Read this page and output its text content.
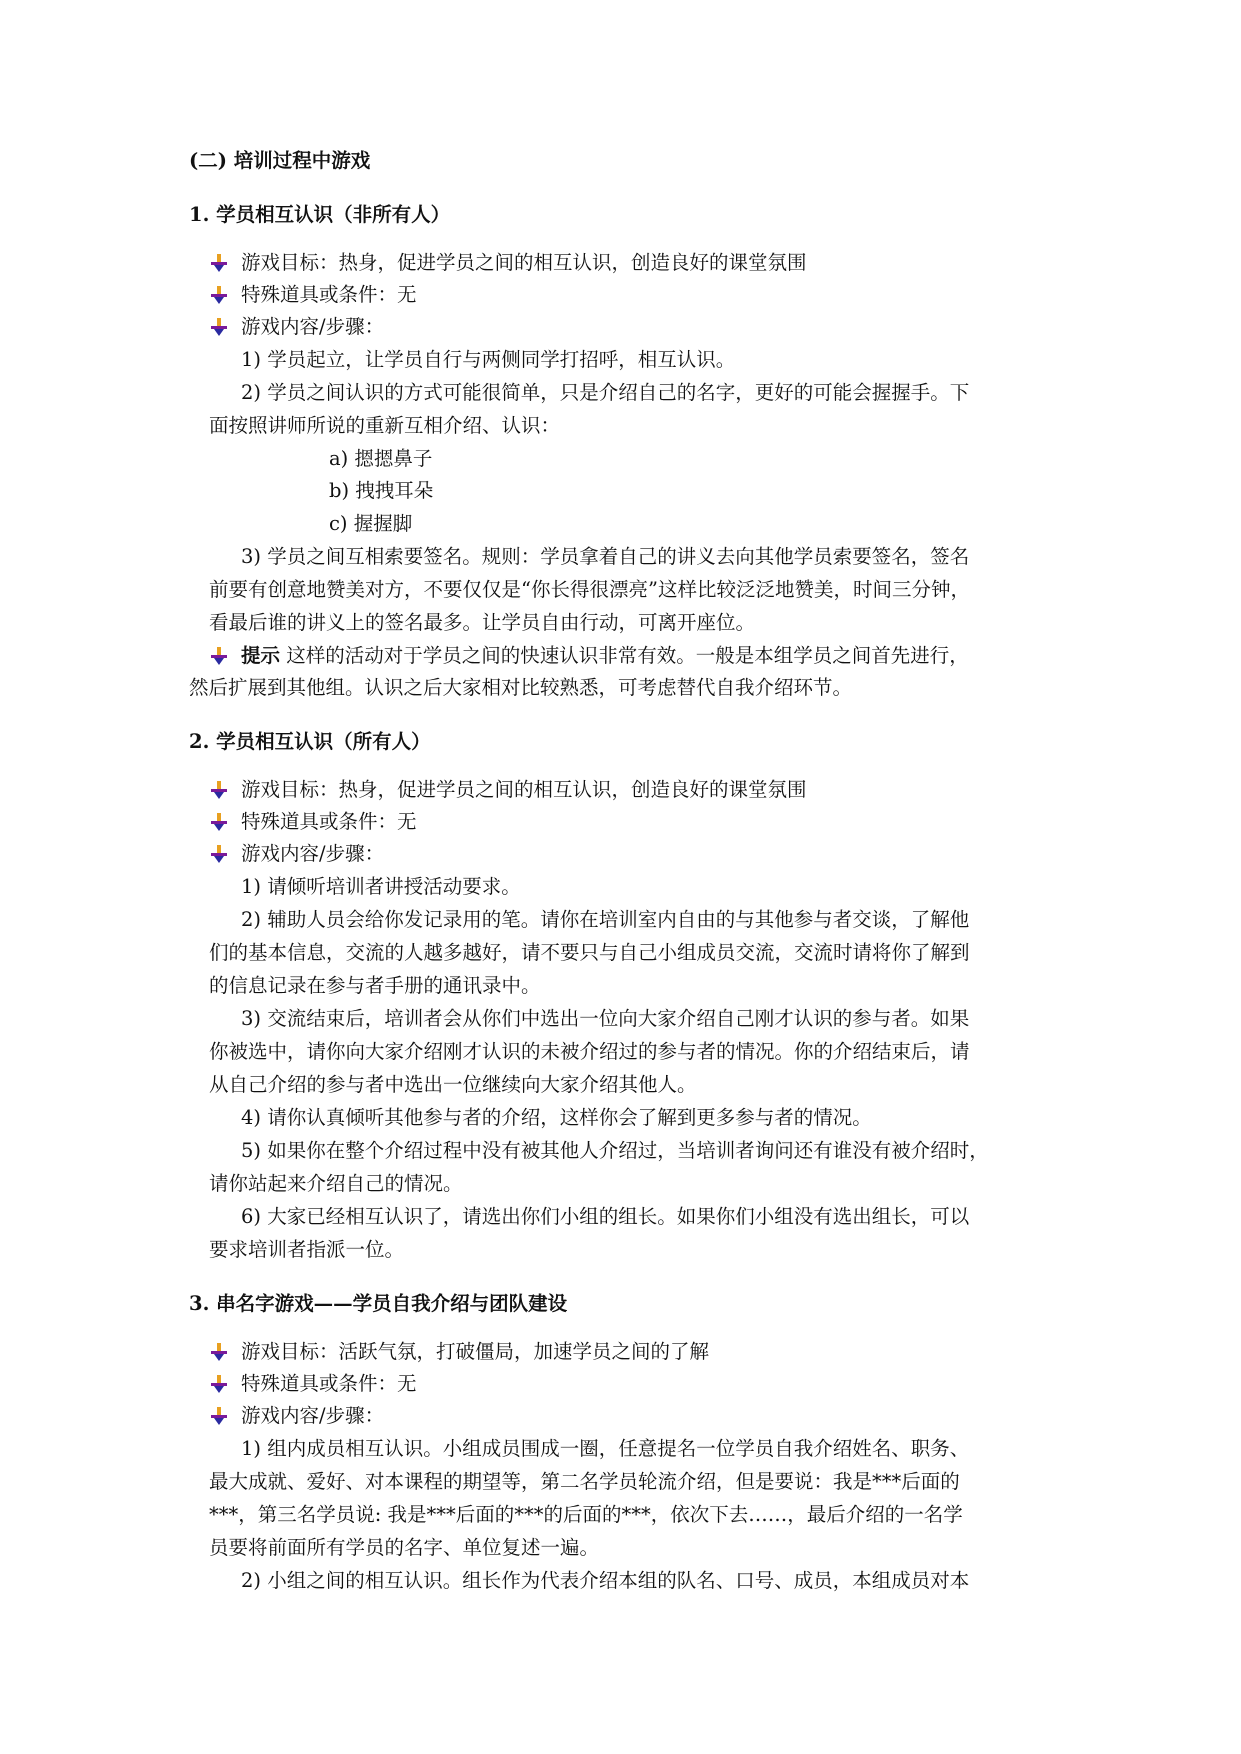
(二) 培训过程中游戏
1. 学员相互认识（非所有人）
游戏目标：热身，促进学员之间的相互认识，创造良好的课堂氛围
特殊道具或条件：无
游戏内容/步骤：
1) 学员起立，让学员自行与两侧同学打招呼，相互认识。
2) 学员之间认识的方式可能很简单，只是介绍自己的名字，更好的可能会握握手。下
面按照讲师所说的重新互相介绍、认识：
a) 摁摁鼻子
b) 拽拽耳朵
c) 握握脚
3) 学员之间互相索要签名。规则：学员拿着自己的讲义去向其他学员索要签名，签名
前要有创意地赞美对方，不要仅仅是“你长得很漂亮”这样比较泛泛地赞美，时间三分钟，
看最后谁的讲义上的签名最多。让学员自由行动，可离开座位。
提示 这样的活动对于学员之间的快速认识非常有效。一般是本组学员之间首先进行，
然后扩展到其他组。认识之后大家相对比较熟悉，可考虑替代自我介绍环节。
2. 学员相互认识（所有人）
游戏目标：热身，促进学员之间的相互认识，创造良好的课堂氛围
特殊道具或条件：无
游戏内容/步骤：
1) 请倾听培训者讲授活动要求。
2) 辅助人员会给你发记录用的笔。请你在培训室内自由的与其他参与者交谈，了解他
们的基本信息，交流的人越多越好，请不要只与自己小组成员交流，交流时请将你了解到
的信息记录在参与者手册的通讯录中。
3) 交流结束后，培训者会从你们中选出一位向大家介绍自己刚才认识的参与者。如果
你被选中，请你向大家介绍刚才认识的未被介绍过的参与者的情况。你的介绍结束后，请
从自己介绍的参与者中选出一位继续向大家介绍其他人。
4) 请你认真倾听其他参与者的介绍，这样你会了解到更多参与者的情况。
5) 如果你在整个介绍过程中没有被其他人介绍过，当培训者询问还有谁没有被介绍时，
请你站起来介绍自己的情况。
6) 大家已经相互认识了，请选出你们小组的组长。如果你们小组没有选出组长，可以
要求培训者指派一位。
3. 串名字游戏——学员自我介绍与团队建设
游戏目标：活跃气氛，打破僵局，加速学员之间的了解
特殊道具或条件：无
游戏内容/步骤：
1) 组内成员相互认识。小组成员围成一圈，任意提名一位学员自我介绍姓名、职务、
最大成就、爱好、对本课程的期望等，第二名学员轮流介绍，但是要说：我是***后面的
***，第三名学员说: 我是***后面的***的后面的***，依次下去……，最后介绍的一名学
员要将前面所有学员的名字、单位复述一遍。
2) 小组之间的相互认识。组长作为代表介绍本组的队名、口号、成员，本组成员对本
